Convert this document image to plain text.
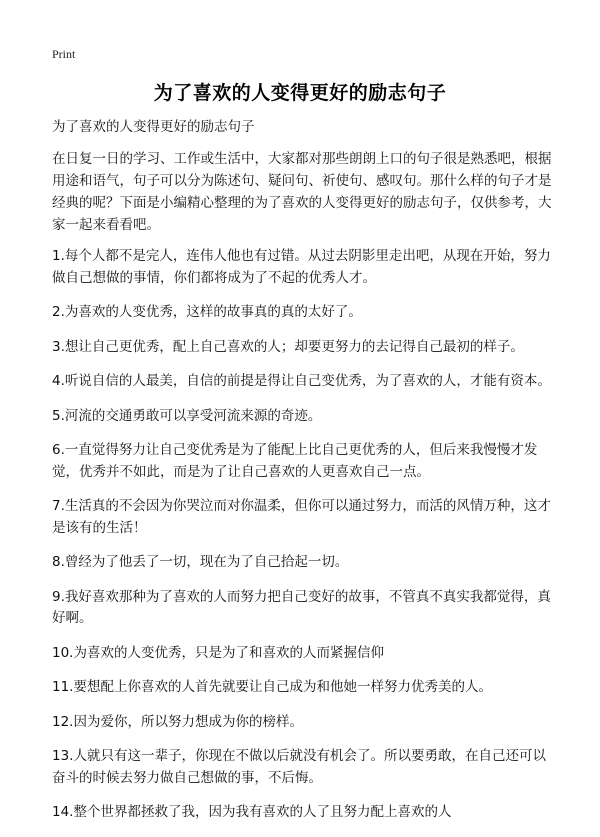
Print
为了喜欢的人变得更好的励志句子

为了喜欢的人变得更好的励志句子

在日复一日的学习、工作或生活中，大家都对那些朗朗上口的句子很是熟悉吧，根据用途和语气，句子可以分为陈述句、疑问句、祈使句、感叹句。那什么样的句子才是经典的呢？下面是小编精心整理的为了喜欢的人变得更好的励志句子，仅供参考，大家一起来看看吧。

1.每个人都不是完人，连伟人他也有过错。从过去阴影里走出吧，从现在开始，努力做自己想做的事情，你们都将成为了不起的优秀人才。
2.为喜欢的人变优秀，这样的故事真的真的太好了。
3.想让自己更优秀，配上自己喜欢的人；却要更努力的去记得自己最初的样子。
4.听说自信的人最美，自信的前提是得让自己变优秀，为了喜欢的人，才能有资本。
5.河流的交通勇敢可以享受河流来源的奇迹。
6.一直觉得努力让自己变优秀是为了能配上比自己更优秀的人，但后来我慢慢才发觉，优秀并不如此，而是为了让自己喜欢的人更喜欢自己一点。
7.生活真的不会因为你哭泣而对你温柔，但你可以通过努力，而活的风情万种，这才是该有的生活！
8.曾经为了他丢了一切，现在为了自己拾起一切。
9.我好喜欢那种为了喜欢的人而努力把自己变好的故事，不管真不真实我都觉得，真好啊。
10.为喜欢的人变优秀，只是为了和喜欢的人而紧握信仰
11.要想配上你喜欢的人首先就要让自己成为和他她一样努力优秀美的人。
12.因为爱你，所以努力想成为你的榜样。
13.人就只有这一辈子，你现在不做以后就没有机会了。所以要勇敢，在自己还可以奋斗的时候去努力做自己想做的事，不后悔。
14.整个世界都拯救了我，因为我有喜欢的人了且努力配上喜欢的人
